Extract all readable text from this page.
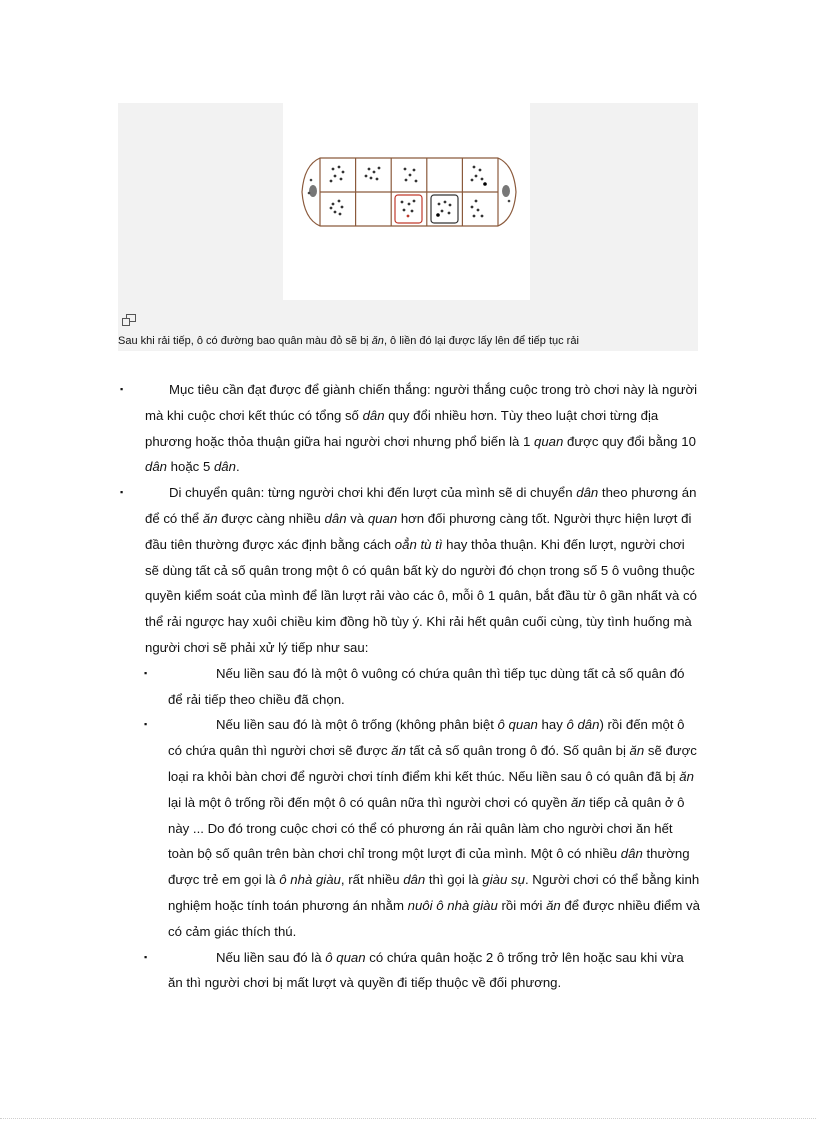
Sau khi rải tiếp, ô có đường bao quân màu đỏ sẽ bị ăn, ô liền đó lại được lấy lên để tiếp tục rải
▪	Mục tiêu cần đạt được để giành chiến thắng: người thắng cuộc trong trò chơi này là người mà khi cuộc chơi kết thúc có tổng số dân quy đổi nhiều hơn. Tùy theo luật chơi từng địa phương hoặc thỏa thuận giữa hai người chơi nhưng phổ biến là 1 quan được quy đổi bằng 10 dân hoặc 5 dân.
▪	Di chuyển quân: từng người chơi khi đến lượt của mình sẽ di chuyển dân theo phương án để có thể ăn được càng nhiều dân và quan hơn đối phương càng tốt. Người thực hiện lượt đi đầu tiên thường được xác định bằng cách oẳn tù tì hay thỏa thuận. Khi đến lượt, người chơi sẽ dùng tất cả số quân trong một ô có quân bất kỳ do người đó chọn trong số 5 ô vuông thuộc quyền kiểm soát của mình để lần lượt rải vào các ô, mỗi ô 1 quân, bắt đầu từ ô gần nhất và có thể rải ngược hay xuôi chiều kim đồng hồ tùy ý. Khi rải hết quân cuối cùng, tùy tình huống mà người chơi sẽ phải xử lý tiếp như sau:
▪	Nếu liền sau đó là một ô vuông có chứa quân thì tiếp tục dùng tất cả số quân đó để rải tiếp theo chiều đã chọn.
▪	Nếu liền sau đó là một ô trống (không phân biệt ô quan hay ô dân) rồi đến một ô có chứa quân thì người chơi sẽ được ăn tất cả số quân trong ô đó. Số quân bị ăn sẽ được loại ra khỏi bàn chơi để người chơi tính điểm khi kết thúc. Nếu liền sau ô có quân đã bị ăn lại là một ô trống rồi đến một ô có quân nữa thì người chơi có quyền ăn tiếp cả quân ở ô này ... Do đó trong cuộc chơi có thể có phương án rải quân làm cho người chơi ăn hết toàn bộ số quân trên bàn chơi chỉ trong một lượt đi của mình. Một ô có nhiều dân thường được trẻ em gọi là ô nhà giàu, rất nhiều dân thì gọi là giàu sụ. Người chơi có thể bằng kinh nghiệm hoặc tính toán phương án nhằm nuôi ô nhà giàu rồi mới ăn để được nhiều điểm và có cảm giác thích thú.
▪	Nếu liền sau đó là ô quan có chứa quân hoặc 2 ô trống trở lên hoặc sau khi vừa ăn thì người chơi bị mất lượt và quyền đi tiếp thuộc về đối phương.
